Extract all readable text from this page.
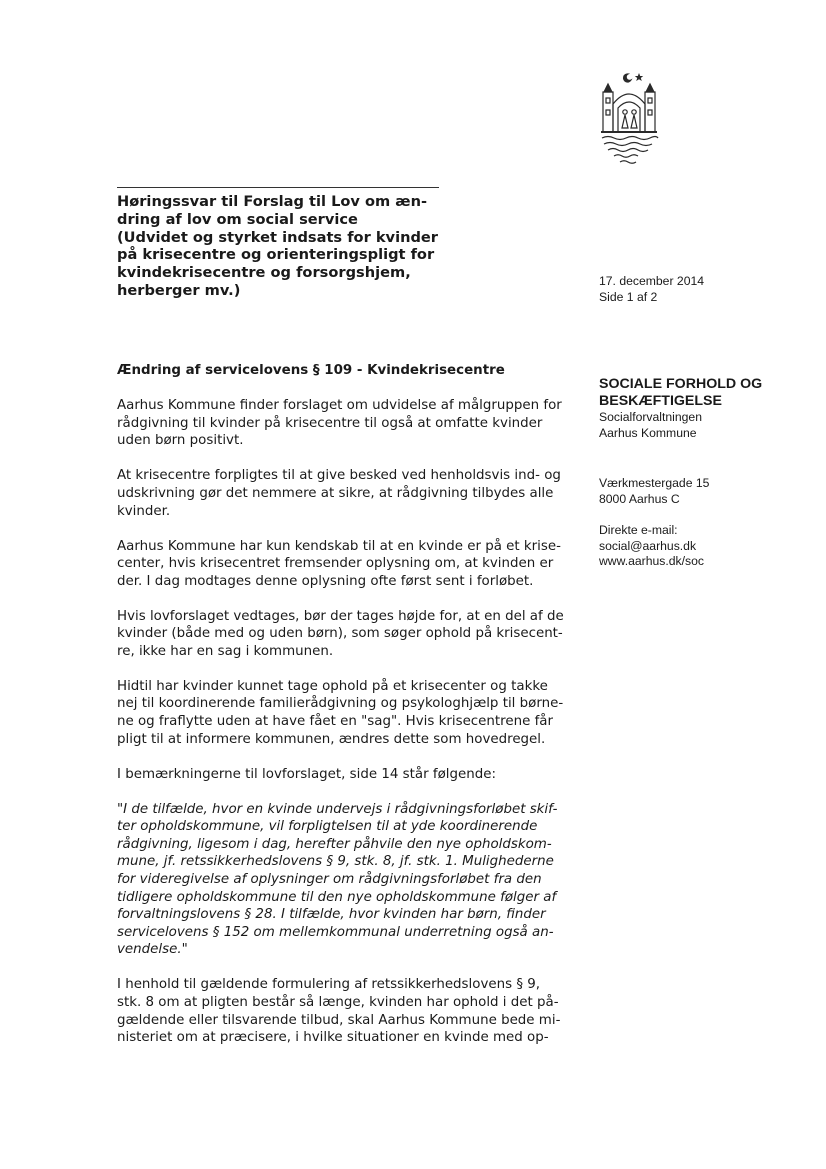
Høringssvar til Forslag til Lov om æn-
dring af lov om social service
(Udvidet og styrket indsats for kvinder
på krisecentre og orienteringspligt for
kvindekrisecentre og forsorgshjem,
herberger mv.)
17. december 2014
Side 1 af 2
SOCIALE FORHOLD OG
BESKÆFTIGELSE
Socialforvaltningen
Aarhus Kommune
Værkmestergade 15
8000 Aarhus C
Direkte e-mail:
social@aarhus.dk
www.aarhus.dk/soc

Ændring af servicelovens § 109 - Kvindekrisecentre

Aarhus Kommune finder forslaget om udvidelse af målgruppen for
rådgivning til kvinder på krisecentre til også at omfatte kvinder
uden børn positivt.

At krisecentre forpligtes til at give besked ved henholdsvis ind- og
udskrivning gør det nemmere at sikre, at rådgivning tilbydes alle
kvinder.

Aarhus Kommune har kun kendskab til at en kvinde er på et krise-
center, hvis krisecentret fremsender oplysning om, at kvinden er
der. I dag modtages denne oplysning ofte først sent i forløbet.

Hvis lovforslaget vedtages, bør der tages højde for, at en del af de
kvinder (både med og uden børn), som søger ophold på krisecent-
re, ikke har en sag i kommunen.

Hidtil har kvinder kunnet tage ophold på et krisecenter og takke
nej til koordinerende familierådgivning og psykologhjælp til børne-
ne og fraflytte uden at have fået en "sag". Hvis krisecentrene får
pligt til at informere kommunen, ændres dette som hovedregel.

I bemærkningerne til lovforslaget, side 14 står følgende:

"I de tilfælde, hvor en kvinde undervejs i rådgivningsforløbet skif-
ter opholdskommune, vil forpligtelsen til at yde koordinerende
rådgivning, ligesom i dag, herefter påhvile den nye opholdskom-
mune, jf. retssikkerhedslovens § 9, stk. 8, jf. stk. 1. Mulighederne
for videregivelse af oplysninger om rådgivningsforløbet fra den
tidligere opholdskommune til den nye opholdskommune følger af
forvaltningslovens § 28. I tilfælde, hvor kvinden har børn, finder
servicelovens § 152 om mellemkommunal underretning også an-
vendelse."

I henhold til gældende formulering af retssikkerhedslovens § 9,
stk. 8 om at pligten består så længe, kvinden har ophold i det på-
gældende eller tilsvarende tilbud, skal Aarhus Kommune bede mi-
nisteriet om at præcisere, i hvilke situationer en kvinde med op-
